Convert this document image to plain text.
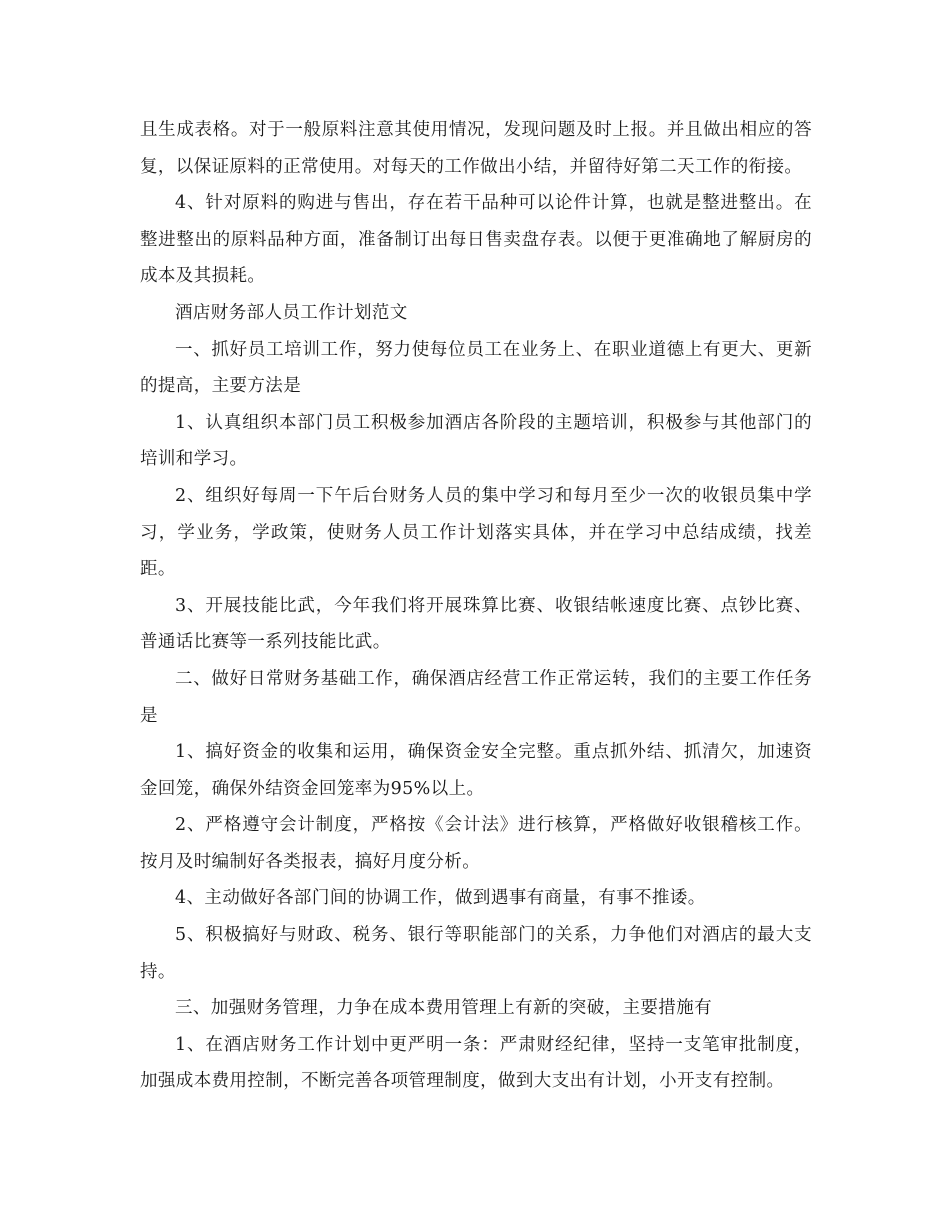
且生成表格。对于一般原料注意其使用情况，发现问题及时上报。并且做出相应的答复，以保证原料的正常使用。对每天的工作做出小结，并留待好第二天工作的衔接。

4、针对原料的购进与售出，存在若干品种可以论件计算，也就是整进整出。在整进整出的原料品种方面，准备制订出每日售卖盘存表。以便于更准确地了解厨房的成本及其损耗。

酒店财务部人员工作计划范文

一、抓好员工培训工作，努力使每位员工在业务上、在职业道德上有更大、更新的提高，主要方法是

1、认真组织本部门员工积极参加酒店各阶段的主题培训，积极参与其他部门的培训和学习。

2、组织好每周一下午后台财务人员的集中学习和每月至少一次的收银员集中学习，学业务，学政策，使财务人员工作计划落实具体，并在学习中总结成绩，找差距。

3、开展技能比武，今年我们将开展珠算比赛、收银结帐速度比赛、点钞比赛、普通话比赛等一系列技能比武。

二、做好日常财务基础工作，确保酒店经营工作正常运转，我们的主要工作任务是

1、搞好资金的收集和运用，确保资金安全完整。重点抓外结、抓清欠，加速资金回笼，确保外结资金回笼率为95%以上。

2、严格遵守会计制度，严格按《会计法》进行核算，严格做好收银稽核工作。按月及时编制好各类报表，搞好月度分析。

4、主动做好各部门间的协调工作，做到遇事有商量，有事不推诿。

5、积极搞好与财政、税务、银行等职能部门的关系，力争他们对酒店的最大支持。

三、加强财务管理，力争在成本费用管理上有新的突破，主要措施有

1、在酒店财务工作计划中更严明一条：严肃财经纪律，坚持一支笔审批制度，加强成本费用控制，不断完善各项管理制度，做到大支出有计划，小开支有控制。
